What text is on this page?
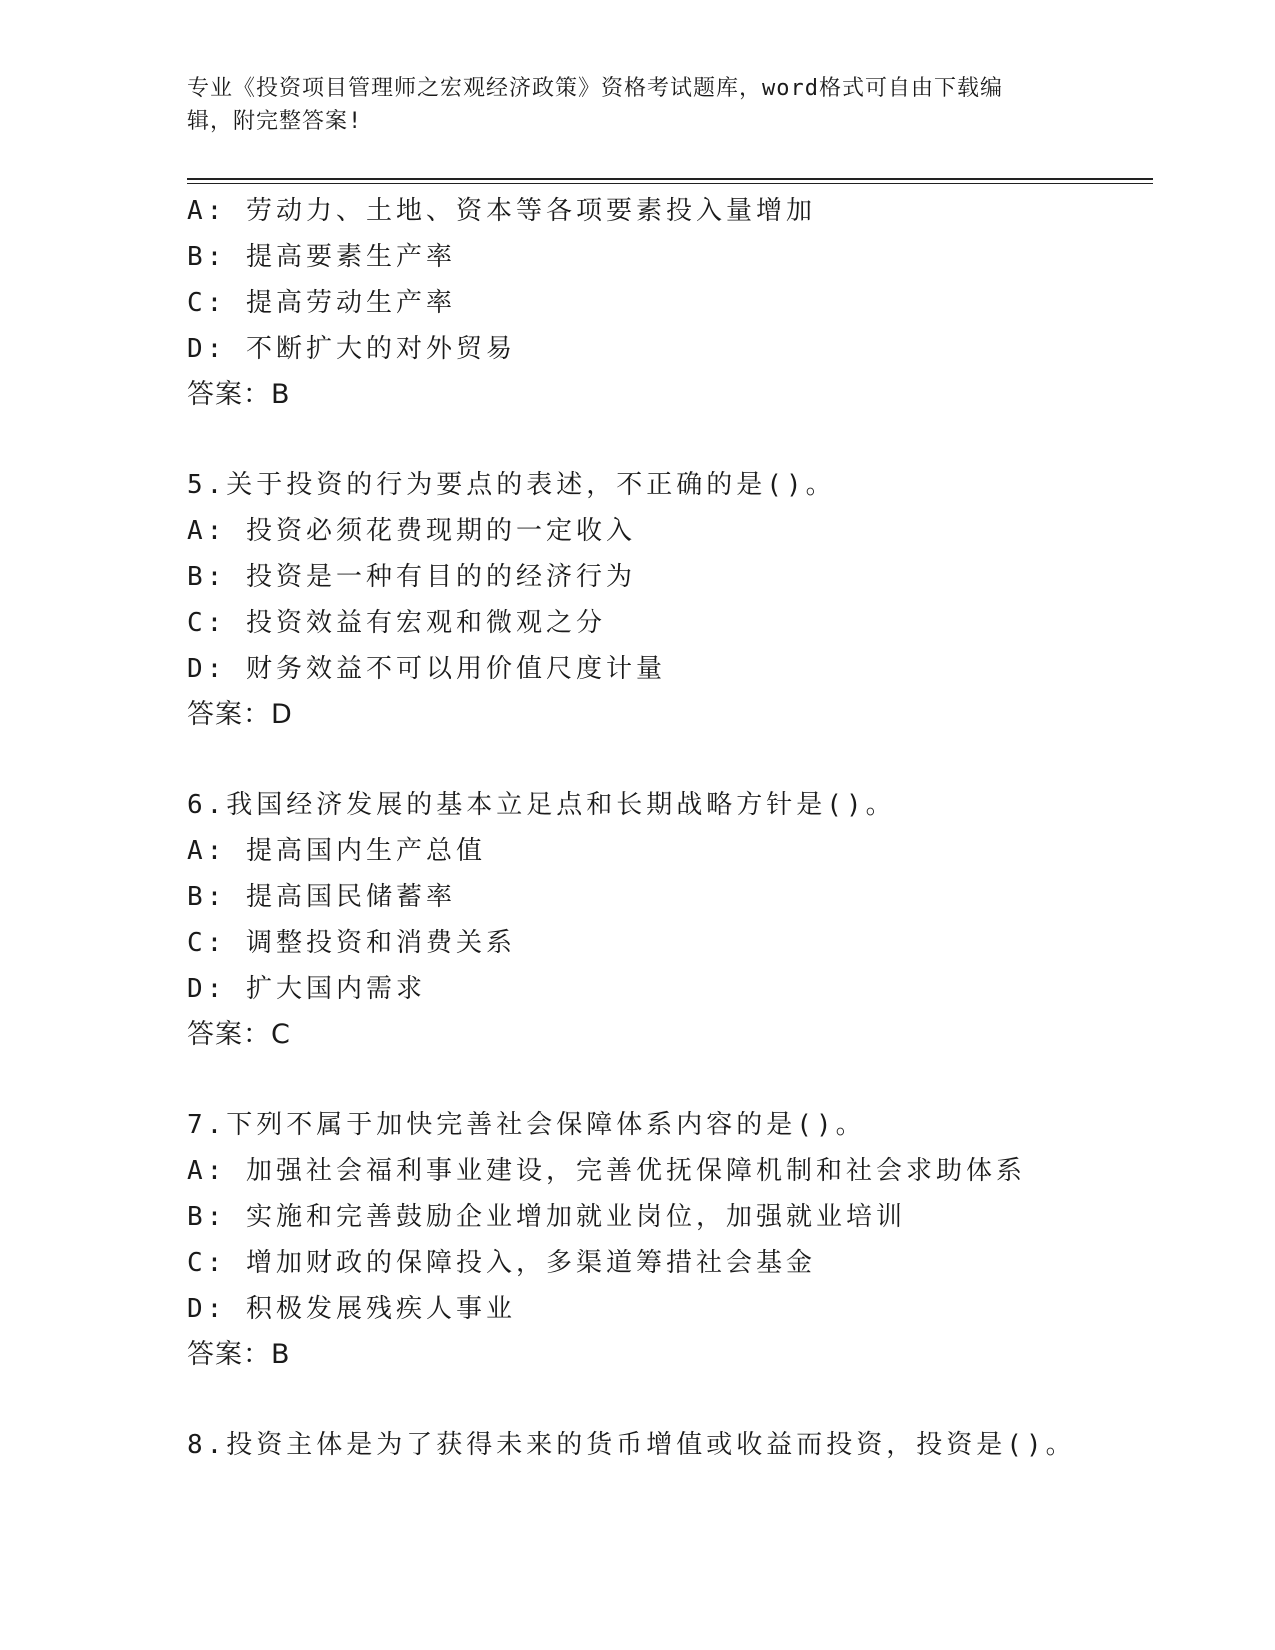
专业《投资项目管理师之宏观经济政策》资格考试题库，word格式可自由下载编
辑，附完整答案!
A: 劳动力、土地、资本等各项要素投入量增加
B: 提高要素生产率
C: 提高劳动生产率
D: 不断扩大的对外贸易
答案：B
5.关于投资的行为要点的表述，不正确的是()。
A: 投资必须花费现期的一定收入
B: 投资是一种有目的的经济行为
C: 投资效益有宏观和微观之分
D: 财务效益不可以用价值尺度计量
答案：D
6.我国经济发展的基本立足点和长期战略方针是()。
A: 提高国内生产总值
B: 提高国民储蓄率
C: 调整投资和消费关系
D: 扩大国内需求
答案：C
7.下列不属于加快完善社会保障体系内容的是()。
A: 加强社会福利事业建设，完善优抚保障机制和社会求助体系
B: 实施和完善鼓励企业增加就业岗位，加强就业培训
C: 增加财政的保障投入，多渠道筹措社会基金
D: 积极发展残疾人事业
答案：B
8.投资主体是为了获得未来的货币增值或收益而投资，投资是()。
